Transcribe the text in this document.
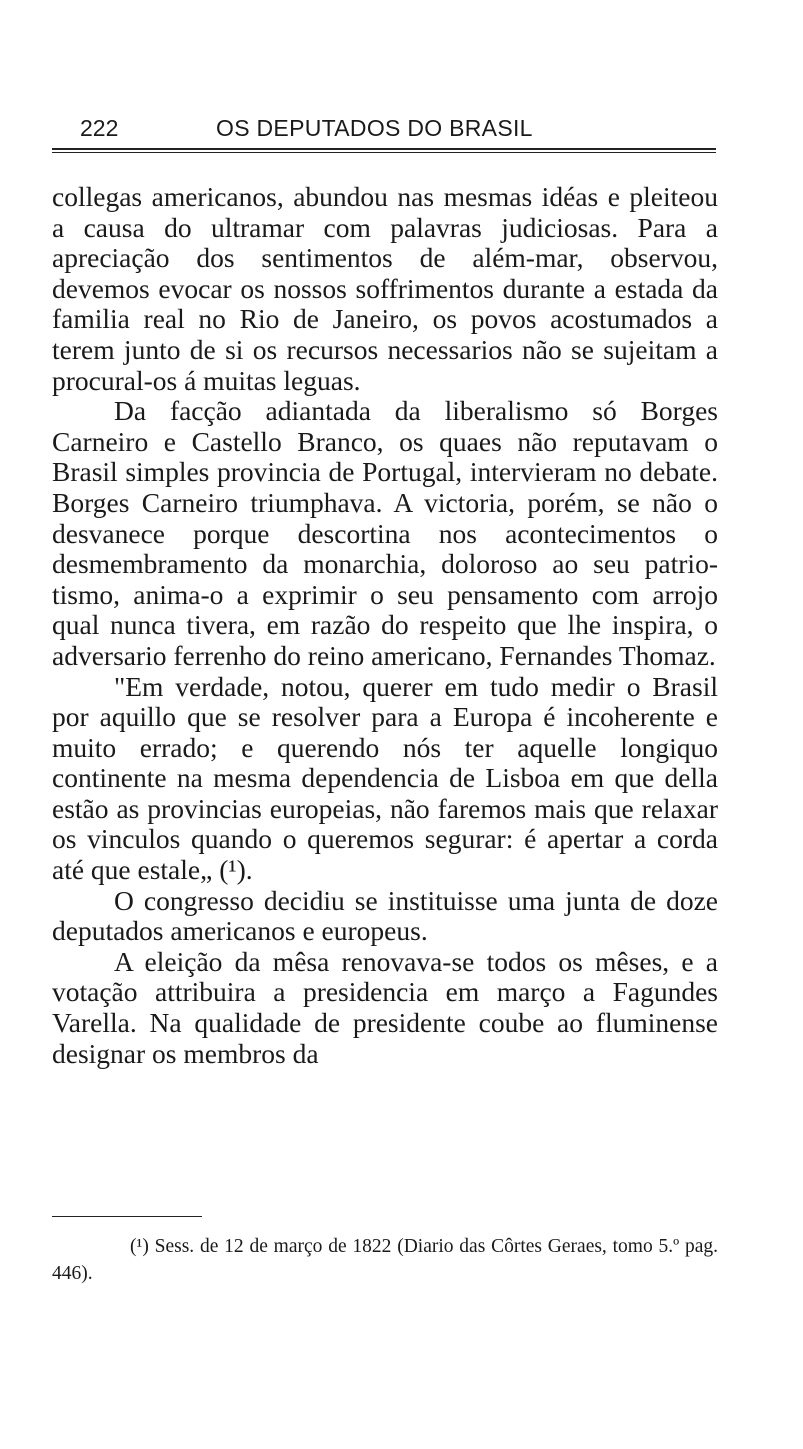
222	OS DEPUTADOS DO BRASIL

collegas americanos, abundou nas mesmas idéas e pleiteou a causa do ultramar com palavras judiciosas. Para a apreciação dos sentimentos de além-mar, observou, devemos evocar os nossos soffrimentos durante a estada da familia real no Rio de Janeiro, os povos acostumados a terem junto de si os recursos necessarios não se sujeitam a procural-os á muitas leguas.

Da facção adiantada da liberalismo só Borges Carneiro e Castello Branco, os quaes não reputavam o Brasil simples provincia de Portugal, intervieram no debate. Borges Carneiro triumphava. A victoria, porém, se não o desvanece porque descortina nos acontecimentos o desmembramento da monarchia, doloroso ao seu patriotismo, anima-o a exprimir o seu pensamento com arrojo qual nunca tivera, em razão do respeito que lhe inspira, o adversario ferrenho do reino americano, Fernandes Thomaz.

"Em verdade, notou, querer em tudo medir o Brasil por aquillo que se resolver para a Europa é incoherente e muito errado; e querendo nós ter aquelle longiquo continente na mesma dependencia de Lisboa em que della estão as provincias europeias, não faremos mais que relaxar os vinculos quando o queremos segurar: é apertar a corda até que estale„ (¹).

O congresso decidiu se instituisse uma junta de doze deputados americanos e europeus.

A eleição da mêsa renovava-se todos os mêses, e a votação attribuira a presidencia em março a Fagundes Varella. Na qualidade de presidente coube ao fluminense designar os membros da

(¹) Sess. de 12 de março de 1822 (Diario das Côrtes Geraes, tomo 5.º pag. 446).
